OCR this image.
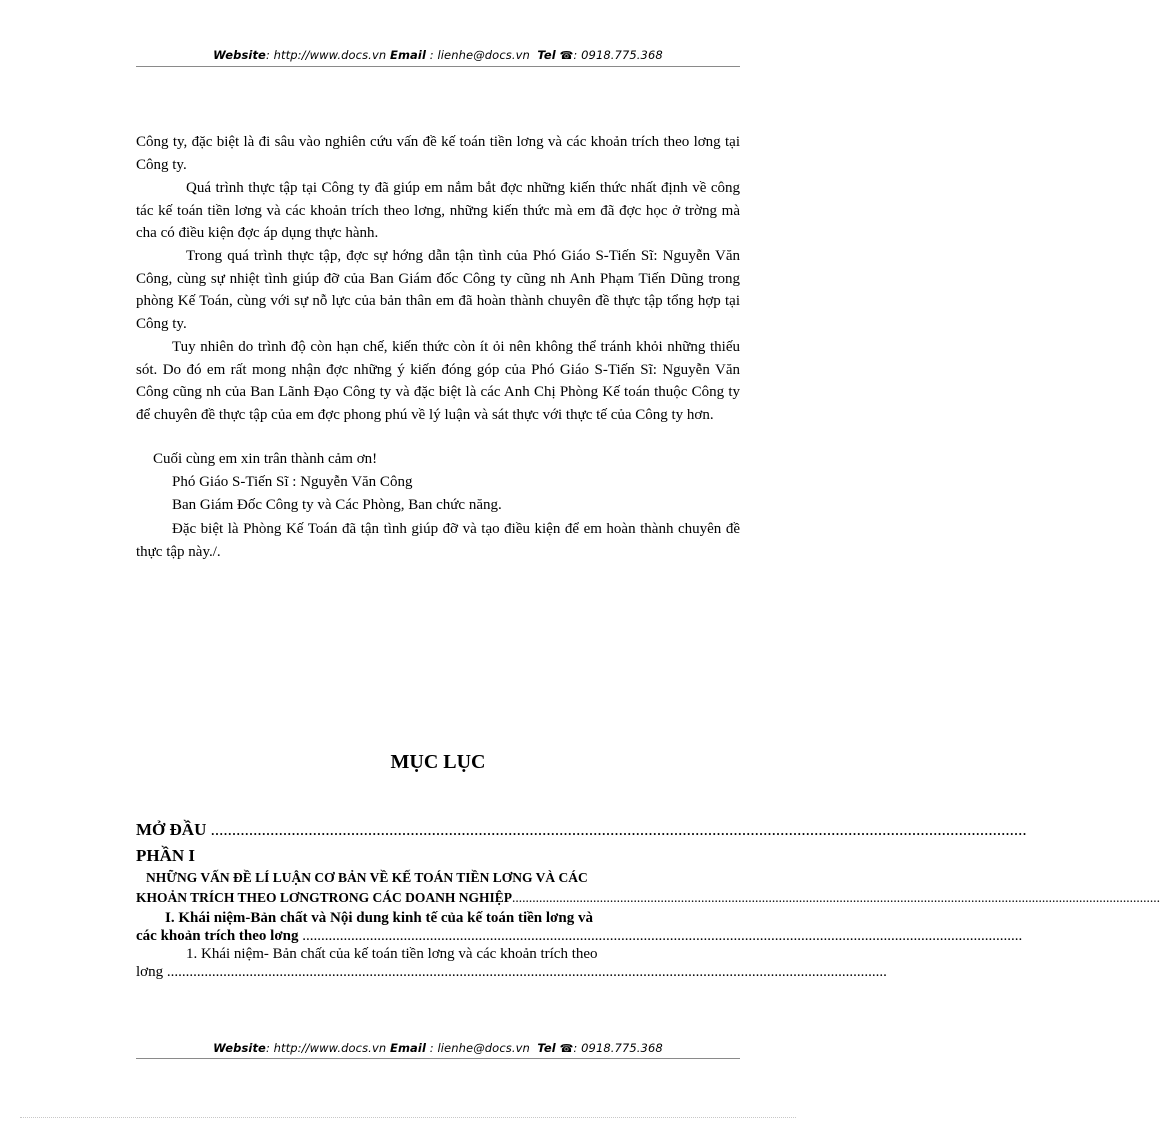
Website: http://www.docs.vn Email : lienhe@docs.vn Tel ☎: 0918.775.368

Công ty, đặc biệt là đi sâu vào nghiên cứu vấn đề kế toán tiền lơng và các khoản trích theo lơng tại Công ty.

Quá trình thực tập tại Công ty đã giúp em nắm bắt đợc những kiến thức nhất định về công tác kế toán tiền lơng và các khoản trích theo lơng, những kiến thức mà em đã đợc học ở trờng mà cha có điều kiện đợc áp dụng thực hành.

Trong quá trình thực tập, đợc sự hớng dẫn tận tình của Phó Giáo S-Tiến Sĩ: Nguyễn Văn Công, cùng sự nhiệt tình giúp đỡ của Ban Giám đốc Công ty cũng nh Anh Phạm Tiến Dũng trong phòng Kế Toán, cùng với sự nỗ lực của bản thân em đã hoàn thành chuyên đề thực tập tổng hợp tại Công ty.

Tuy nhiên do trình độ còn hạn chế, kiến thức còn ít ỏi nên không thể tránh khỏi những thiếu sót. Do đó em rất mong nhận đợc những ý kiến đóng góp của Phó Giáo S-Tiến Sĩ: Nguyễn Văn Công cũng nh của Ban Lãnh Đạo Công ty và đặc biệt là các Anh Chị Phòng Kế toán thuộc Công ty để chuyên đề thực tập của em đợc phong phú về lý luận và sát thực với thực tế của Công ty hơn.

Cuối cùng em xin trân thành cảm ơn!
Phó Giáo S-Tiến Sĩ : Nguyễn Văn Công
Ban Giám Đốc Công ty và Các Phòng, Ban chức năng.

Đặc biệt là Phòng Kế Toán đã tận tình giúp đỡ và tạo điều kiện để em hoàn thành chuyên đề thực tập này./.

MỤC LỤC
MỞ ĐẦU ................................................................................................................................................................................................
PHẦN I
NHỮNG VẤN ĐỀ LÍ LUẬN CƠ BẢN VỀ KẾ TOÁN TIỀN LƠNG VÀ CÁC
KHOẢN TRÍCH THEO LƠNGTRONG CÁC DOANH NGHIỆP................................................................................................................................................................................................
I. Khái niệm-Bản chất và Nội dung kinh tế của kế toán tiền lơng và
các khoản trích theo lơng ................................................................................................................................................................................................
1. Khái niệm- Bản chất của kế toán tiền lơng và các khoản trích theo
lơng ................................................................................................................................................................................................
Website: http://www.docs.vn Email : lienhe@docs.vn Tel ☎: 0918.775.368
